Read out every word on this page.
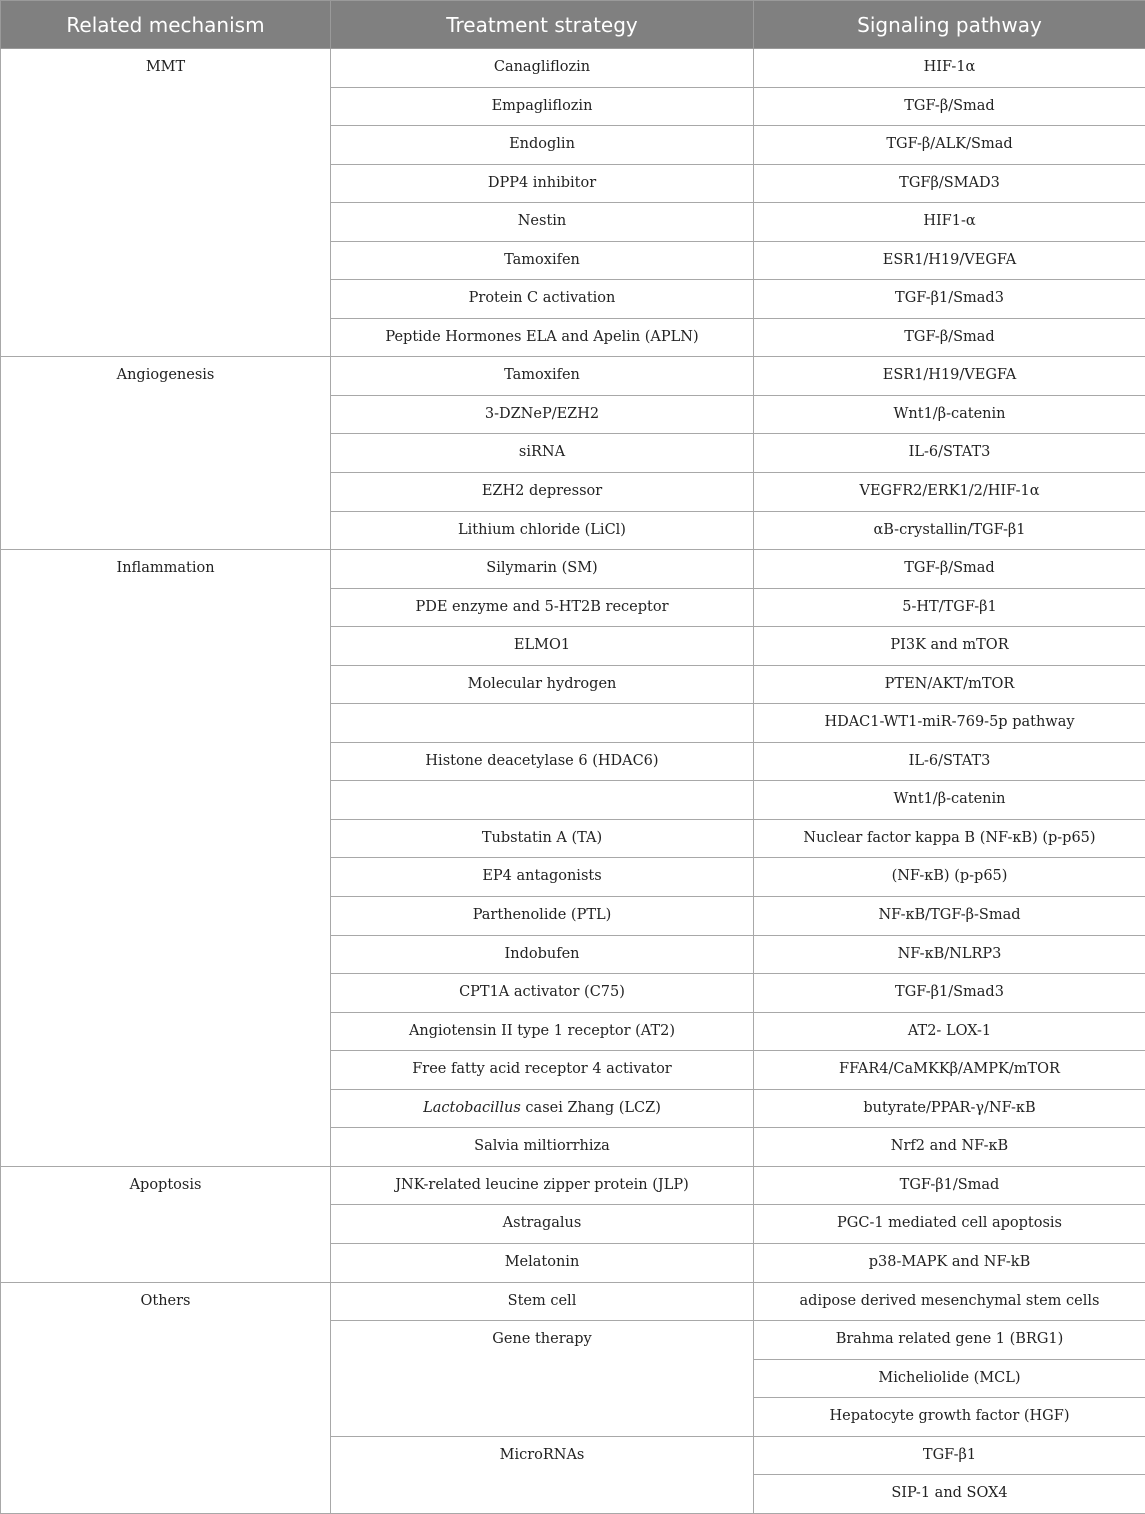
Related mechanism	Treatment strategy	Signaling pathway
MMT	Canagliflozin	HIF-1α
	Empagliflozin	TGF-β/Smad
	Endoglin	TGF-β/ALK/Smad
	DPP4 inhibitor	TGFβ/SMAD3
	Nestin	HIF1-α
	Tamoxifen	ESR1/H19/VEGFA
	Protein C activation	TGF-β1/Smad3
	Peptide Hormones ELA and Apelin (APLN)	TGF-β/Smad
Angiogenesis	Tamoxifen	ESR1/H19/VEGFA
	3-DZNeP/EZH2	Wnt1/β-catenin
	siRNA	IL-6/STAT3
	EZH2 depressor	VEGFR2/ERK1/2/HIF-1α
	Lithium chloride (LiCl)	αB-crystallin/TGF-β1
Inflammation	Silymarin (SM)	TGF-β/Smad
	PDE enzyme and 5-HT2B receptor	5-HT/TGF-β1
	ELMO1	PI3K and mTOR
	Molecular hydrogen	PTEN/AKT/mTOR
		HDAC1-WT1-miR-769-5p pathway
	Histone deacetylase 6 (HDAC6)	IL-6/STAT3
		Wnt1/β-catenin
	Tubstatin A (TA)	Nuclear factor kappa B (NF-κB) (p-p65)
	EP4 antagonists	(NF-κB) (p-p65)
	Parthenolide (PTL)	NF-κB/TGF-β-Smad
	Indobufen	NF-κB/NLRP3
	CPT1A activator (C75)	TGF-β1/Smad3
	Angiotensin II type 1 receptor (AT2)	AT2- LOX-1
	Free fatty acid receptor 4 activator	FFAR4/CaMKKβ/AMPK/mTOR
	Lactobacillus casei Zhang (LCZ)	butyrate/PPAR-γ/NF-κB
	Salvia miltiorrhiza	Nrf2 and NF-κB
Apoptosis	JNK-related leucine zipper protein (JLP)	TGF-β1/Smad
	Astragalus	PGC-1 mediated cell apoptosis
	Melatonin	p38-MAPK and NF-kB
Others	Stem cell	adipose derived mesenchymal stem cells
	Gene therapy	Brahma related gene 1 (BRG1)
		Micheliolide (MCL)
		Hepatocyte growth factor (HGF)
	MicroRNAs	TGF-β1
		SIP-1 and SOX4
